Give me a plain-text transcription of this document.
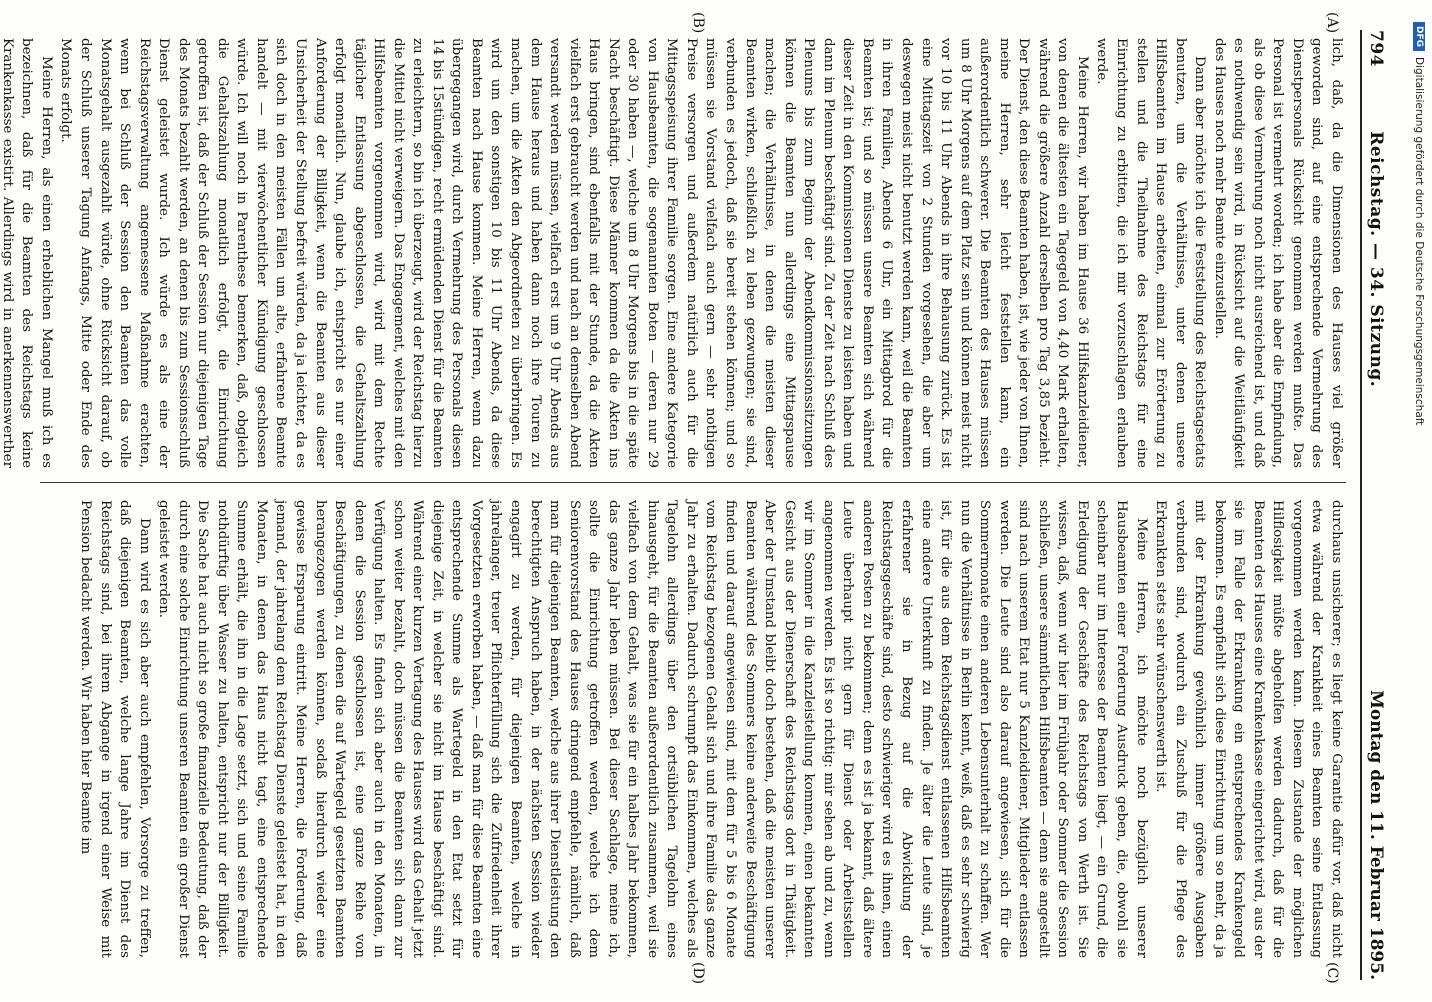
794          Reichstag. — 34. Sitzung.
Montag den 11. Februar 1895.
(A)
(B)
(C)
(D)

lich, daß, da die Dimensionen des Hauses viel größer geworden sind, auf eine entsprechende Vermehrung des Dienstpersonals Rücksicht genommen werden mußte. Das Personal ist vermehrt worden; ich habe aber die Empfindung, als ob diese Vermehrung noch nicht ausreichend ist, und daß es nothwendig sein wird, in Rücksicht auf die Weitläufigkeit des Hauses noch mehr Beamte einzustellen.

Dann aber möchte ich die Feststellung des Reichstagsetats benutzen, um die Verhältnisse, unter denen unsere Hilfsbeamten im Hause arbeiten, einmal zur Erörterung zu stellen und die Theilnahme des Reichstags für eine Einrichtung zu erbitten, die ich mir vorzuschlagen erlauben werde.

Meine Herren, wir haben im Hause 36 Hilfskanzleidiener, von denen die ältesten ein Tagegeld von 4,40 Mark erhalten, während die größere Anzahl derselben pro Tag 3,85 bezieht. Der Dienst, den diese Beamten haben, ist, wie jeder von Ihnen, meine Herren, sehr leicht feststellen kann, ein außerordentlich schwerer. Die Beamten des Hauses müssen um 8 Uhr Morgens auf dem Platz sein und können meist nicht vor 10 bis 11 Uhr Abends in ihre Behausung zurück. Es ist eine Mittagszeit von 2 Stunden vorgesehen, die aber um deswegen meist nicht benutzt werden kann, weil die Beamten in ihren Familien, Abends 6 Uhr, ein Mittagbrod für die Beamten ist; und so müssen unsere Beamten sich während dieser Zeit in den Kommissionen Dienste zu leisten haben und dann im Plenum beschäftigt sind. Zu der Zeit nach Schluß des Plenums bis zum Beginn der Abendkommissionssitzungen können die Beamten nun allerdings eine Mittagspause machen; die Verhältnisse, in denen die meisten dieser Beamten wirken, schließlich zu leben gezwungen; sie sind, verbunden es jedoch, daß sie bereit stehen können; und so müssen sie Vorstand vielfach auch gern — sehr nothigen Preise versorgen und außerdem natürlich auch für die Mittagsspeisung ihrer Familie sorgen. Eine andere Kategorie von Hausbeamten, die sogenannten Boten — deren nur 29 oder 30 haben —, welche um 8 Uhr Morgens bis in die späte Nacht beschäftigt. Diese Männer kommen da die Akten ins Haus bringen, sind ebenfalls mit der Stunde, da die Akten vielfach erst gebraucht werden und nach an demselben Abend versandt werden müssen, vielfach erst um 9 Uhr Abends aus dem Hause heraus und haben dann noch ihre Touren zu machen, um die Akten den Abgeordneten zu überbringen. Es wird um den sonstigen 10 bis 11 Uhr Abends, da diese Beamten nach Hause kommen. Meine Herren, wenn dazu übergegangen wird, durch Vermehrung des Personals diesen 14 bis 15stündigen, recht ermüdenden Dienst für die Beamten zu erleichtern, so bin ich überzeugt, wird der Reichstag hierzu die Mittel nicht verweigern. Das Engagement, welches mit den Hilfsbeamten vorgenommen wird, wird mit dem Rechte täglicher Entlassung abgeschlossen, die Gehaltszahlung erfolgt monatlich. Nun, glaube ich, entspricht es nur einer Anforderung der Billigkeit, wenn die Beamten aus dieser Unsicherheit der Stellung befreit würden, da ja leichter, da es sich doch in den meisten Fällen um alte, erfahrene Beamte handelt — mit vierwöchentlicher Kündigung geschlossen würde. Ich will noch in Parenthese bemerken, daß, obgleich die Gehaltszahlung monatlich erfolgt, die Einrichtung getroffen ist, daß der Schluß der Session nur diejenigen Tage des Monats bezahlt werden, an denen bis zum Sessionsschluß Dienst geleistet wurde. Ich würde es als eine der Reichstagsverwaltung angemessene Maßnahme erachten, wenn bei Schluß der Session den Beamten das volle Monatsgehalt ausgezahlt würde, ohne Rücksicht darauf, ob der Schluß unserer Tagung Anfangs, Mitte oder Ende des Monats erfolgt.

Meine Herren, als einen erheblichen Mangel muß ich es bezeichnen, daß für die Beamten des Reichstags keine Krankenkasse existirt. Allerdings wird in anerkennenswerther

durchaus unsicherer; es liegt keine Garantie dafür vor, daß nicht etwa während der Krankheit eines Beamten seine Entlassung vorgenommen werden kann. Diesem Zustande der möglichen Hilflosigkeit müßte abgeholfen werden dadurch, daß für die Beamten des Hauses eine Krankenkasse eingerichtet wird, aus der sie im Falle der Erkrankung ein entsprechendes Krankengeld bekommen. Es empfiehlt sich diese Einrichtung um so mehr, da ja mit der Erkrankung gewöhnlich immer größere Ausgaben verbunden sind, wodurch ein Zuschuß für die Pflege des Erkrankten stets sehr wünschenswerth ist.

Meine Herren, ich möchte noch bezüglich unserer Hausbeamten einer Forderung Ausdruck geben, die, obwohl sie scheinbar nur im Interesse der Beamten liegt, — ein Grund, die Erledigung der Geschäfte des Reichstags von Werth ist. Sie wissen, daß, wenn wir hier im Frühjahr oder Sommer die Session schließen, unsere sämmtlichen Hilfsbeamten — denn sie angestellt sind nach unserem Etat nur 5 Kanzleidiener, Mitglieder entlassen werden. Die Leute sind also darauf angewiesen, sich für die Sommermonate einen anderen Lebensunterhalt zu schaffen. Wer nun die Verhältnisse in Berlin kennt, weiß, daß es sehr schwierig ist, für die aus dem Reichstagsdienst entlassenen Hilfsbeamten eine andere Unterkunft zu finden. Je älter die Leute sind, je erfahrener sie in Bezug auf die Abwicklung der Reichstagsgeschäfte sind, desto schwieriger wird es ihnen, einen anderen Posten zu bekommen; denn es ist ja bekannt, daß ältere Leute überhaupt nicht gern für Dienst oder Arbeitsstellen angenommen werden. Es ist so richtig: mir sehen ab und zu, wenn wir im Sommer in die Kanzleistellung kommen, einen bekannten Gesicht aus der Dienerschaft des Reichstags dort in Thätigkeit. Aber der Umstand bleibt doch bestehen, daß die meisten unserer Beamten während des Sommers keine anderweite Beschäftigung finden und darauf angewiesen sind, mit dem für 5 bis 6 Monate vom Reichstag bezogenen Gehalt sich und ihre Familie das ganze Jahr zu erhalten. Dadurch schrumpft das Einkommen, welches als Tagelohn allerdings über den ortsüblichen Tagelohn eines hinausgeht, für die Beamten außerordentlich zusammen, weil sie vielfach von dem Gehalt, was sie für ein halbes Jahr bekommen, das ganze Jahr leben müssen. Bei dieser Sachlage, meine ich, sollte die Einrichtung getroffen werden, welche ich dem Seniorenvorstand des Hauses dringend empfehle, nämlich, daß man für diejenigen Beamten, welche aus ihrer Dienstleistung den berechtigten Anspruch haben, in der nächsten Session wieder engagirt zu werden, für diejenigen Beamten, welche in jahrelanger, treuer Pflichterfüllung sich die Zufriedenheit ihrer Vorgesetzten erworben haben, — daß man für diese Beamten eine entsprechende Summe als Wartegeld in den Etat setzt für diejenige Zeit, in welcher sie nicht im Hause beschäftigt sind. Während einer kurzen Vertagung des Hauses wird das Gehalt jetzt schon weiter bezahlt, doch müssen die Beamten sich dann zur Verfügung halten. Es finden sich aber auch in den Monaten, in denen die Session geschlossen ist, eine ganze Reihe von Beschäftigungen, zu denen die auf Wartegeld gesetzten Beamten herangezogen werden können, sodaß hierdurch wieder eine gewisse Ersparung eintritt. Meine Herren, die Forderung, daß jemand, der jahrelang dem Reichstag Dienste geleistet hat, in den Monaten, in denen das Haus nicht tagt, eine entsprechende Summe erhält, die ihn in die Lage setzt, sich und seine Familie nothdürftig über Wasser zu halten, entspricht nur der Billigkeit. Die Sache hat auch nicht so große finanzielle Bedeutung, daß der durch eine solche Einrichtung unseren Beamten ein großer Dienst geleistet werden.

Dann wird es sich aber auch empfehlen, Vorsorge zu treffen, daß diejenigen Beamten, welche lange Jahre im Dienst des Reichstags sind, bei ihrem Abgange in irgend einer Weise mit Pension bedacht werden. Wir haben hier Beamte im

DFG
Digitalisierung gefördert durch die Deutsche Forschungsgemeinschaft
